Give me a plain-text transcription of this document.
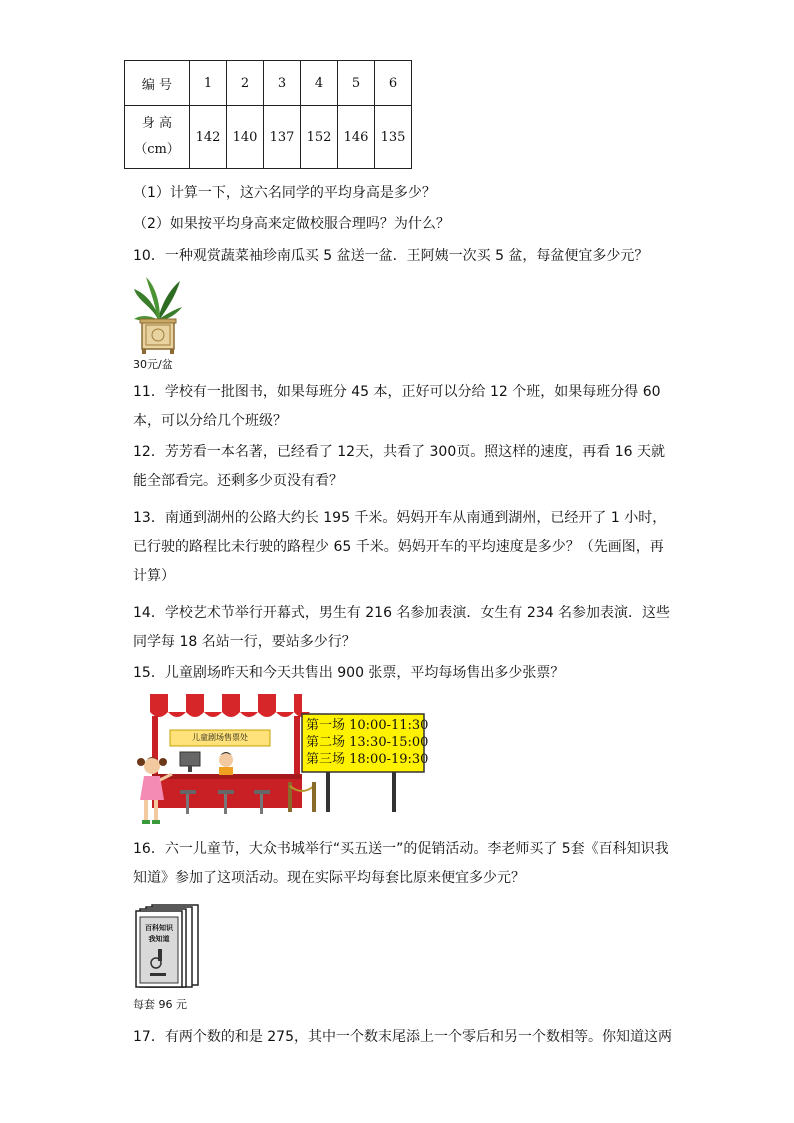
编 号	1	2	3	4	5	6

身 高
（cm）	142	140	137	152	146	135
（1）计算一下，这六名同学的平均身高是多少？
（2）如果按平均身高来定做校服合理吗？为什么？
10．一种观赏蔬菜袖珍南瓜买 5 盆送一盆．王阿姨一次买 5 盆，每盆便宜多少元？
30元/盆
11．学校有一批图书，如果每班分 45 本，正好可以分给 12 个班，如果每班分得 60 本，可以分给几个班级？
12．芳芳看一本名著，已经看了 12天，共看了 300页。照这样的速度，再看 16 天就能全部看完。还剩多少页没有看？
13．南通到湖州的公路大约长 195 千米。妈妈开车从南通到湖州，已经开了 1 小时，已行驶的路程比未行驶的路程少 65 千米。妈妈开车的平均速度是多少？（先画图，再计算）
14．学校艺术节举行开幕式，男生有 216 名参加表演．女生有 234 名参加表演．这些同学每 18 名站一行，要站多少行？
15．儿童剧场昨天和今天共售出 900 张票，平均每场售出多少张票？
儿童剧场售票处
第一场 10:00-11:30
第二场 13:30-15:00
第三场 18:00-19:30
16．六一儿童节，大众书城举行“买五送一”的促销活动。李老师买了 5套《百科知识我知道》参加了这项活动。现在实际平均每套比原来便宜多少元？
百科知识
我知道
每套 96 元
17．有两个数的和是 275，其中一个数末尾添上一个零后和另一个数相等。你知道这两
